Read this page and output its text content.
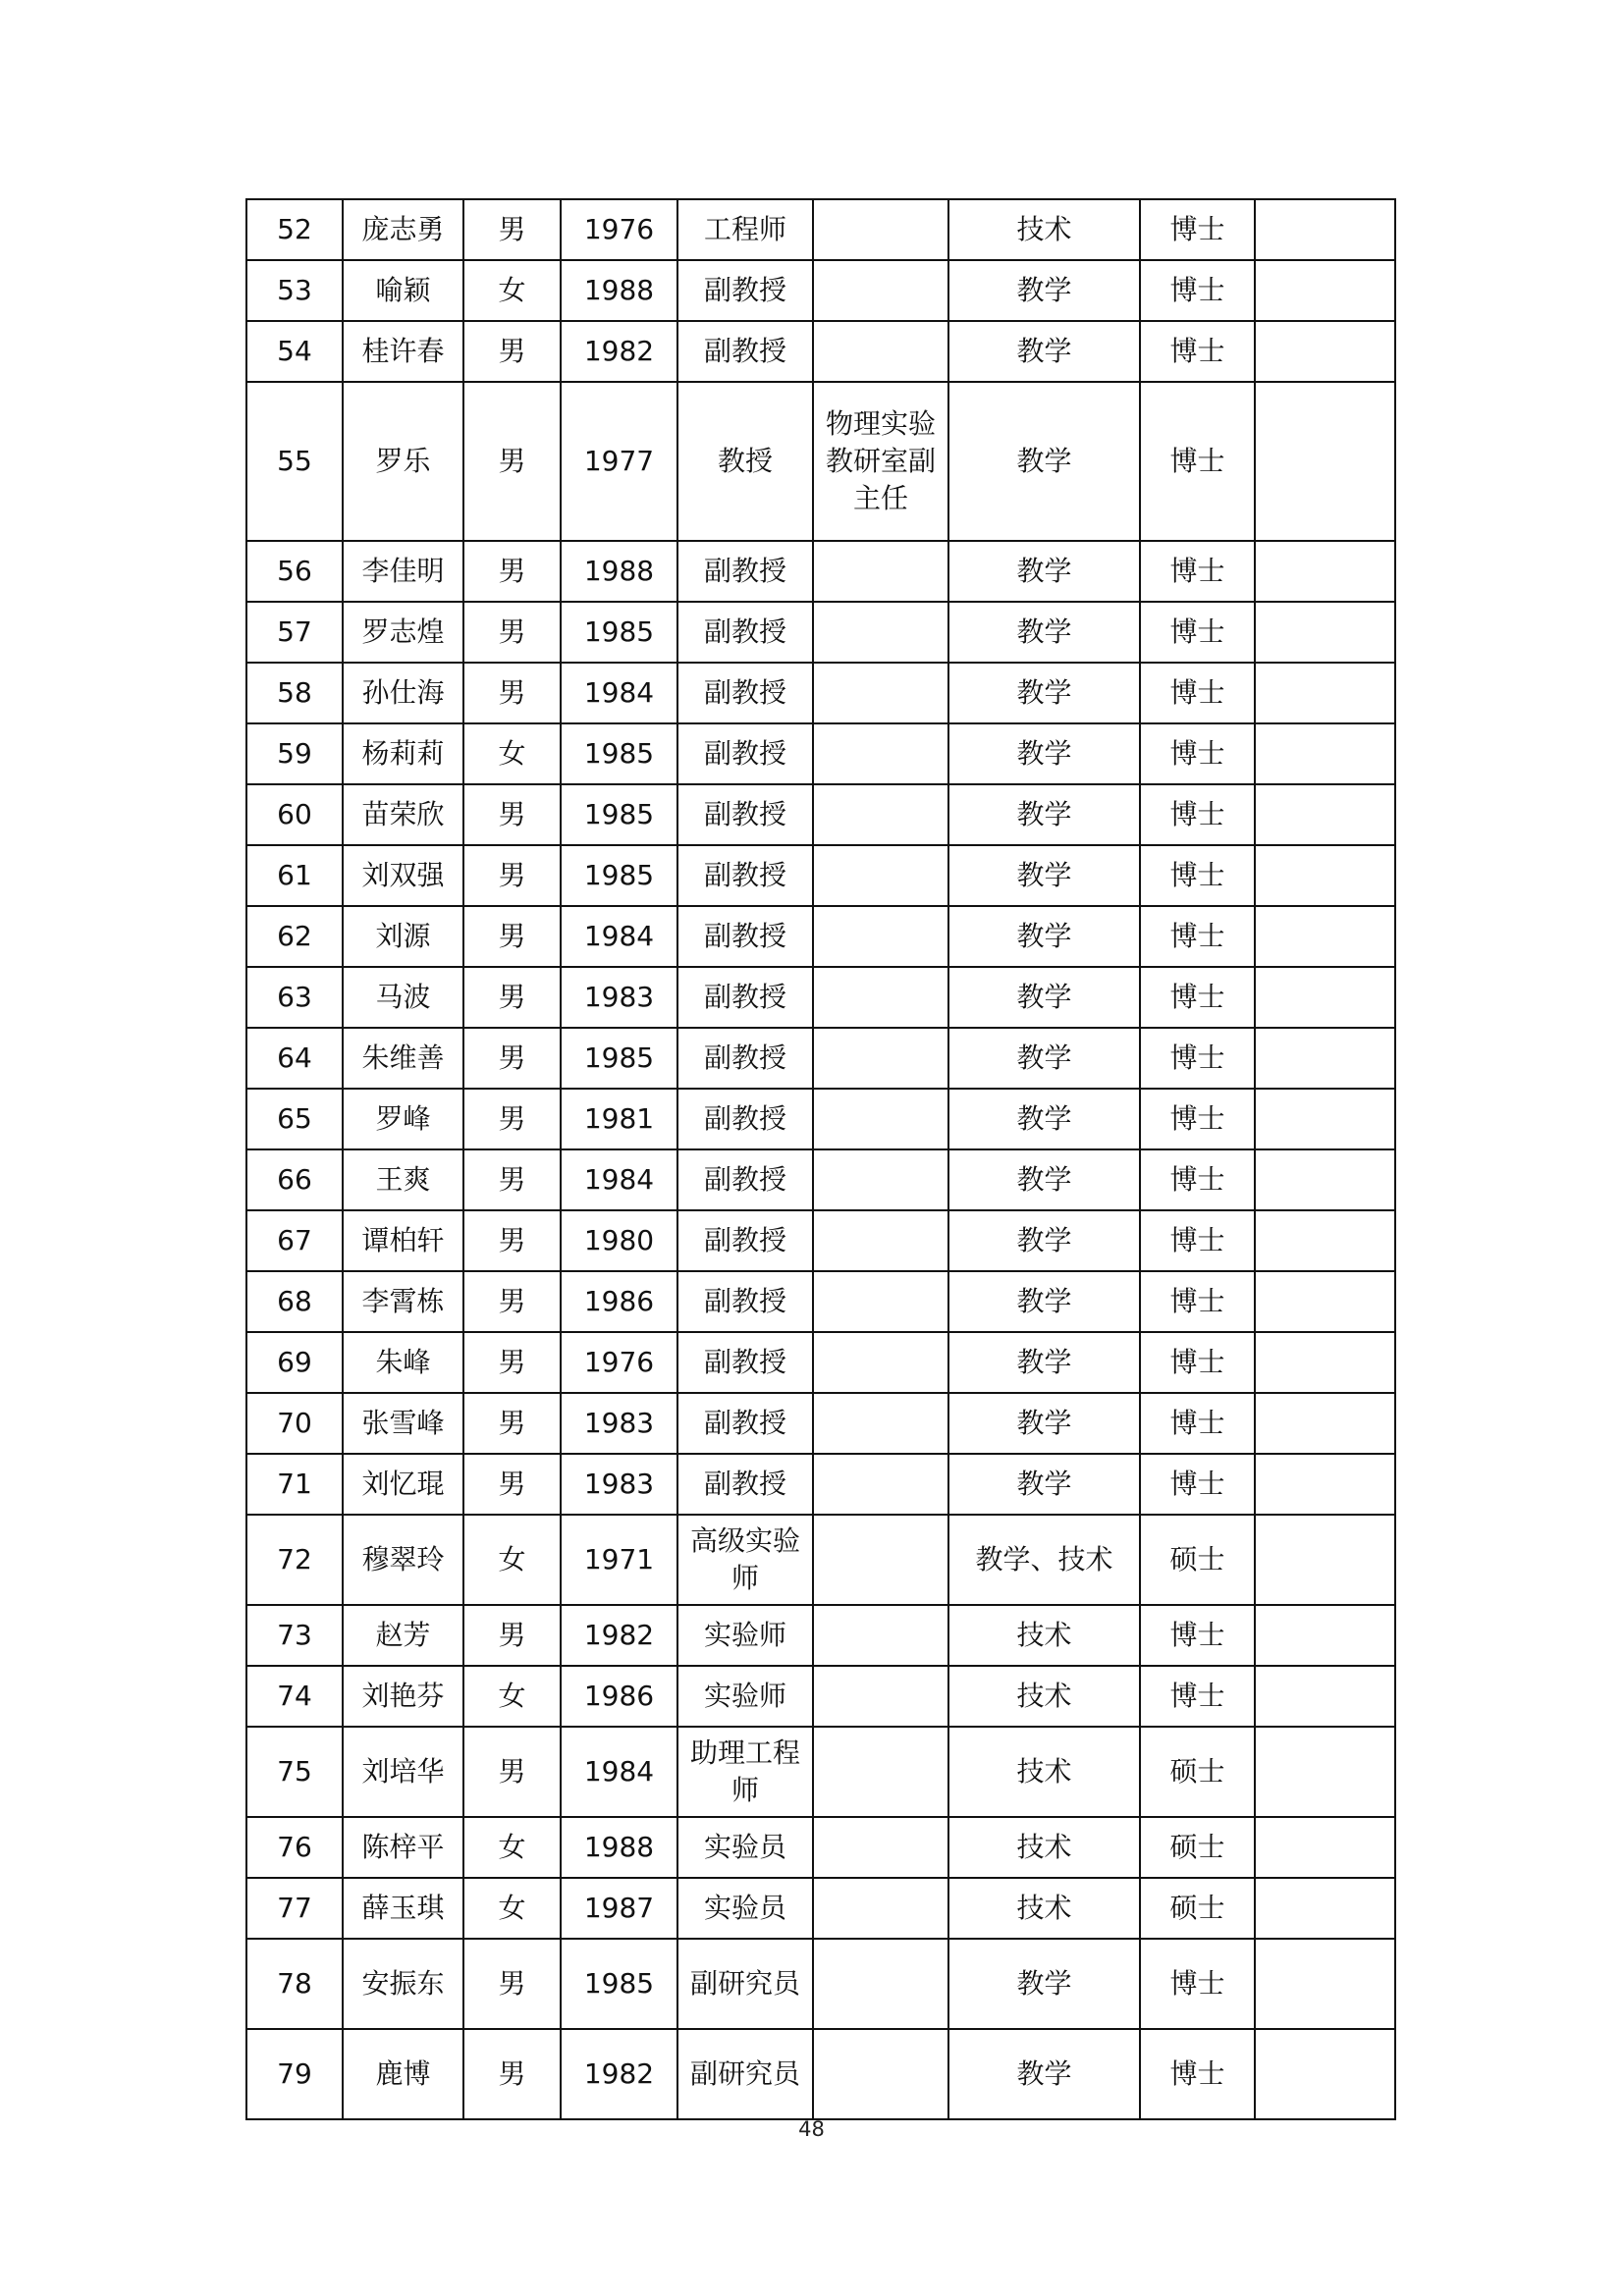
52	庞志勇	男	1976	工程师		技术	博士	
53	喻颖	女	1988	副教授		教学	博士	
54	桂许春	男	1982	副教授		教学	博士	
55	罗乐	男	1977	教授	物理实验教研室副主任	教学	博士	
56	李佳明	男	1988	副教授		教学	博士	
57	罗志煌	男	1985	副教授		教学	博士	
58	孙仕海	男	1984	副教授		教学	博士	
59	杨莉莉	女	1985	副教授		教学	博士	
60	苗荣欣	男	1985	副教授		教学	博士	
61	刘双强	男	1985	副教授		教学	博士	
62	刘源	男	1984	副教授		教学	博士	
63	马波	男	1983	副教授		教学	博士	
64	朱维善	男	1985	副教授		教学	博士	
65	罗峰	男	1981	副教授		教学	博士	
66	王爽	男	1984	副教授		教学	博士	
67	谭柏轩	男	1980	副教授		教学	博士	
68	李霄栋	男	1986	副教授		教学	博士	
69	朱峰	男	1976	副教授		教学	博士	
70	张雪峰	男	1983	副教授		教学	博士	
71	刘忆琨	男	1983	副教授		教学	博士	
72	穆翠玲	女	1971	高级实验师		教学、技术	硕士	
73	赵芳	男	1982	实验师		技术	博士	
74	刘艳芬	女	1986	实验师		技术	博士	
75	刘培华	男	1984	助理工程师		技术	硕士	
76	陈梓平	女	1988	实验员		技术	硕士	
77	薛玉琪	女	1987	实验员		技术	硕士	
78	安振东	男	1985	副研究员		教学	博士	
79	鹿博	男	1982	副研究员		教学	博士	
48
